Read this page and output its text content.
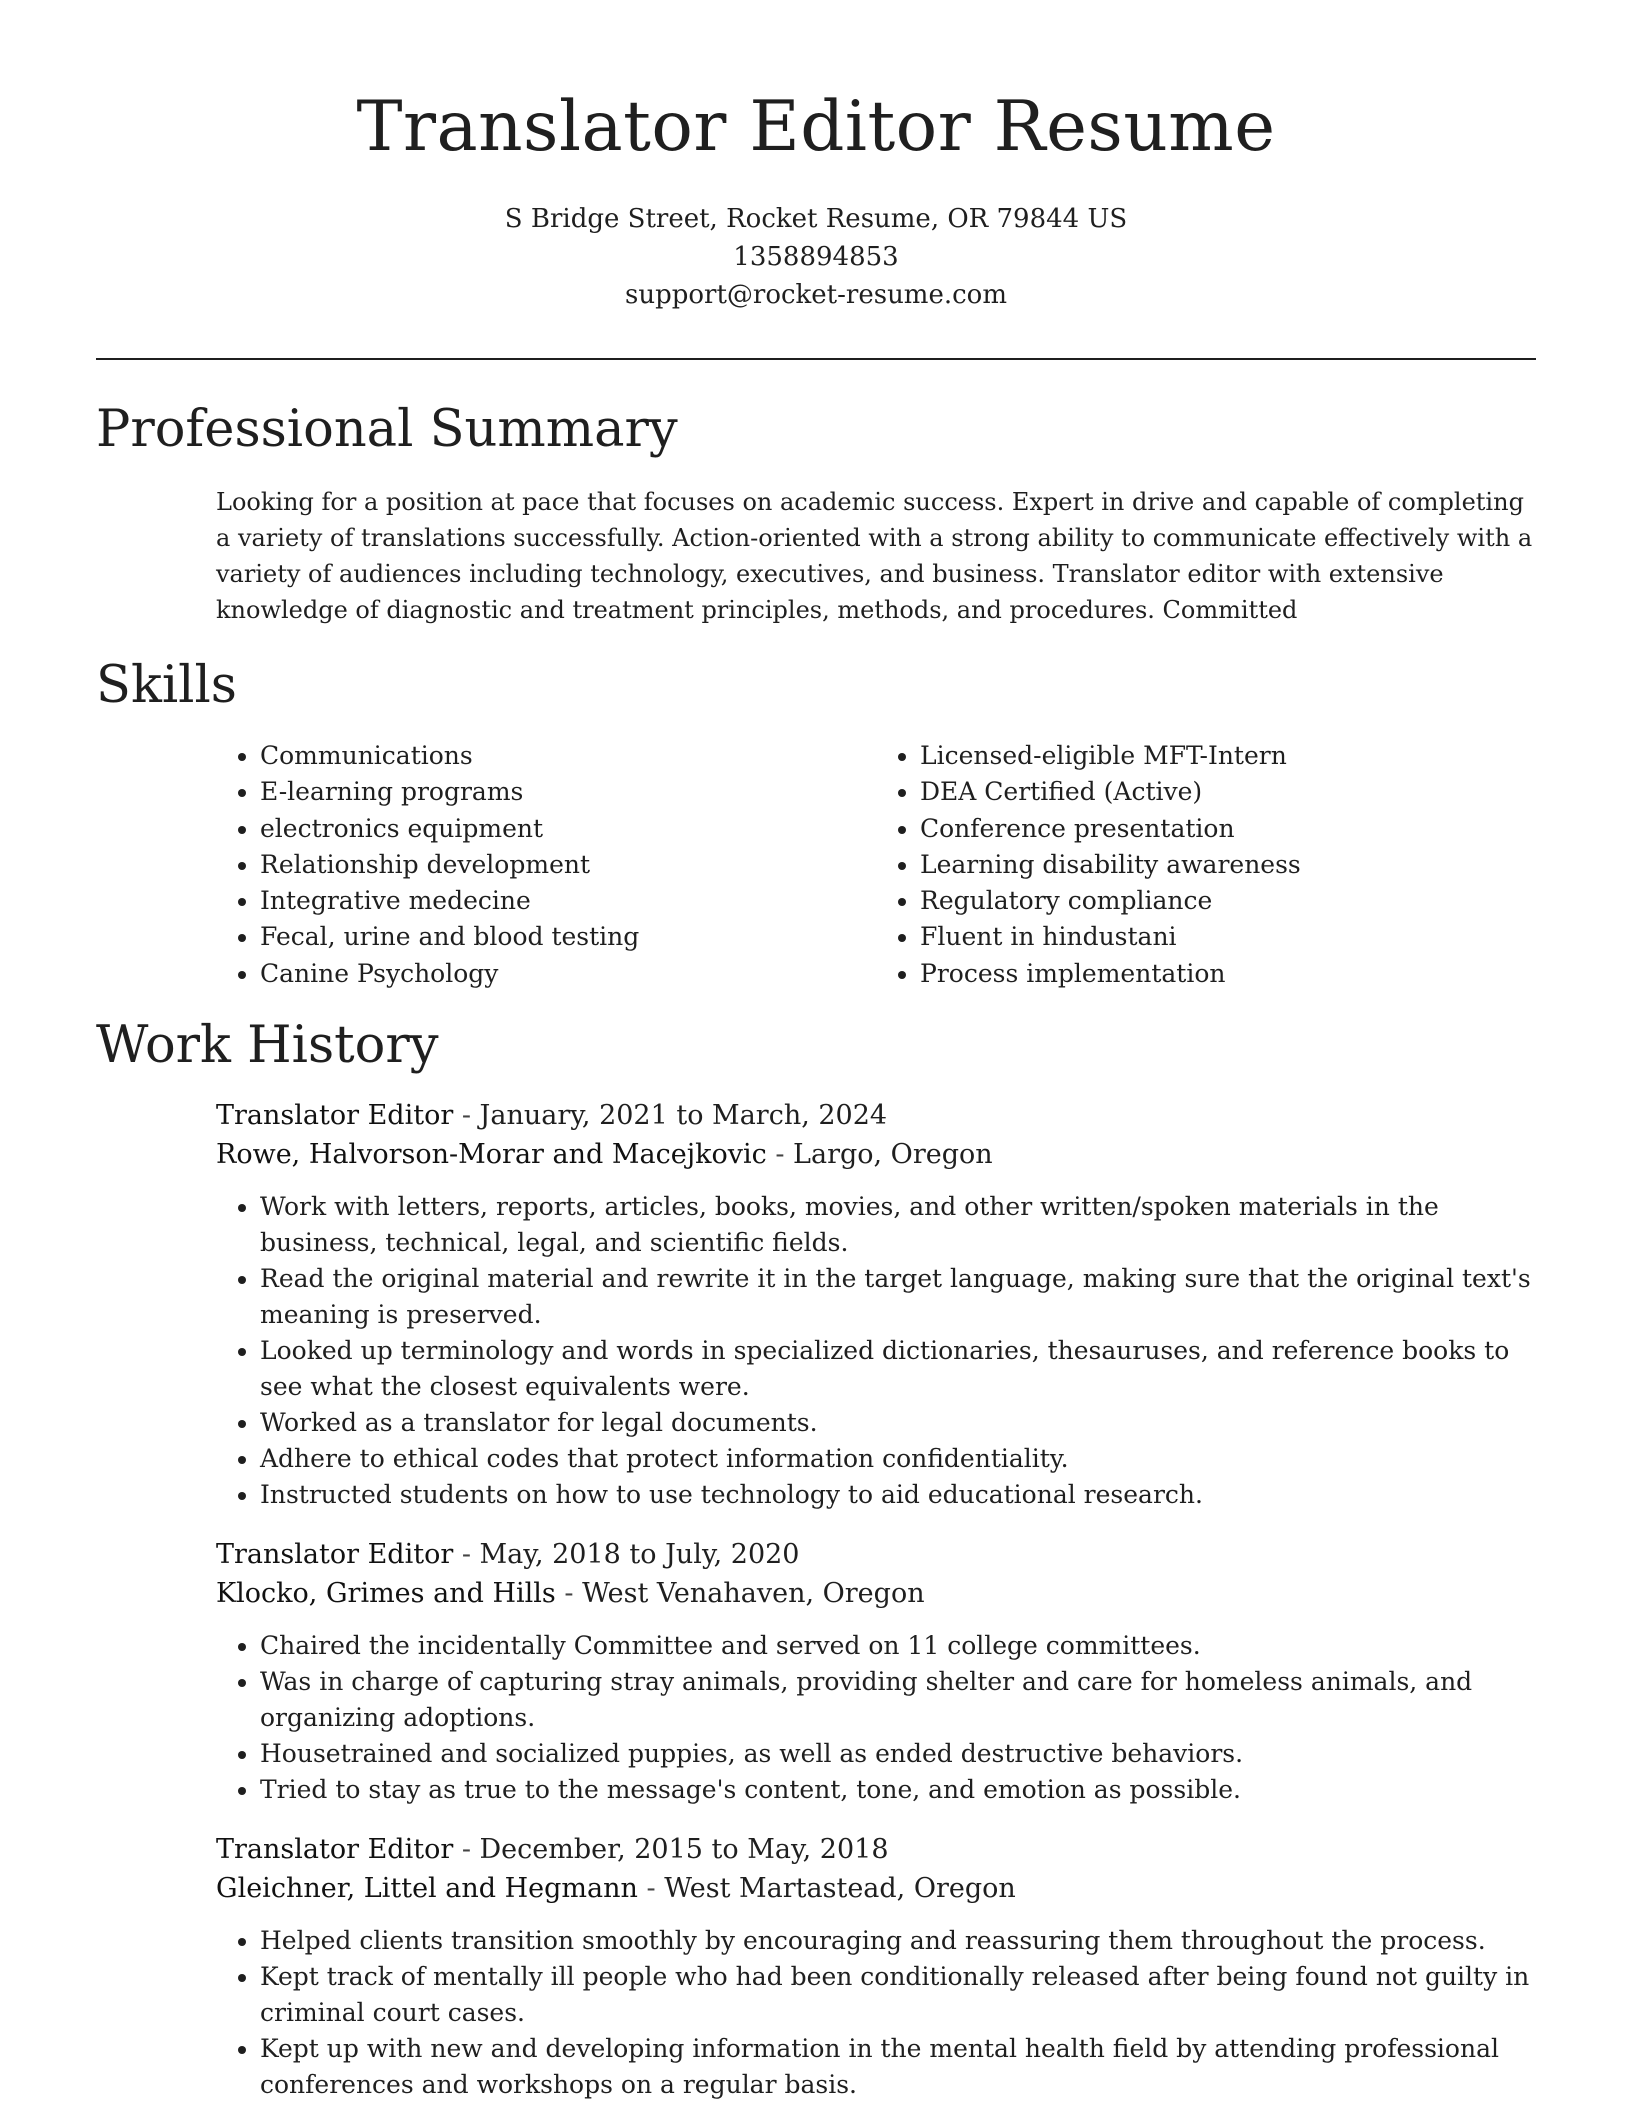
Translator Editor Resume
S Bridge Street, Rocket Resume, OR 79844 US
1358894853
support@rocket-resume.com
Professional Summary

Looking for a position at pace that focuses on academic success. Expert in drive and capable of completing a variety of translations successfully. Action-oriented with a strong ability to communicate effectively with a variety of audiences including technology, executives, and business. Translator editor with extensive knowledge of diagnostic and treatment principles, methods, and procedures. Committed

Skills
• Communications
• E-learning programs
• electronics equipment
• Relationship development
• Integrative medecine
• Fecal, urine and blood testing
• Canine Psychology
• Licensed-eligible MFT-Intern
• DEA Certified (Active)
• Conference presentation
• Learning disability awareness
• Regulatory compliance
• Fluent in hindustani
• Process implementation
Work History
Translator Editor - January, 2021 to March, 2024
Rowe, Halvorson-Morar and Macejkovic - Largo, Oregon
• Work with letters, reports, articles, books, movies, and other written/spoken materials in the business, technical, legal, and scientific fields.
• Read the original material and rewrite it in the target language, making sure that the original text's meaning is preserved.
• Looked up terminology and words in specialized dictionaries, thesauruses, and reference books to see what the closest equivalents were.
• Worked as a translator for legal documents.
• Adhere to ethical codes that protect information confidentiality.
• Instructed students on how to use technology to aid educational research.
Translator Editor - May, 2018 to July, 2020
Klocko, Grimes and Hills - West Venahaven, Oregon
• Chaired the incidentally Committee and served on 11 college committees.
• Was in charge of capturing stray animals, providing shelter and care for homeless animals, and organizing adoptions.
• Housetrained and socialized puppies, as well as ended destructive behaviors.
• Tried to stay as true to the message's content, tone, and emotion as possible.
Translator Editor - December, 2015 to May, 2018
Gleichner, Littel and Hegmann - West Martastead, Oregon
• Helped clients transition smoothly by encouraging and reassuring them throughout the process.
• Kept track of mentally ill people who had been conditionally released after being found not guilty in criminal court cases.
• Kept up with new and developing information in the mental health field by attending professional conferences and workshops on a regular basis.
